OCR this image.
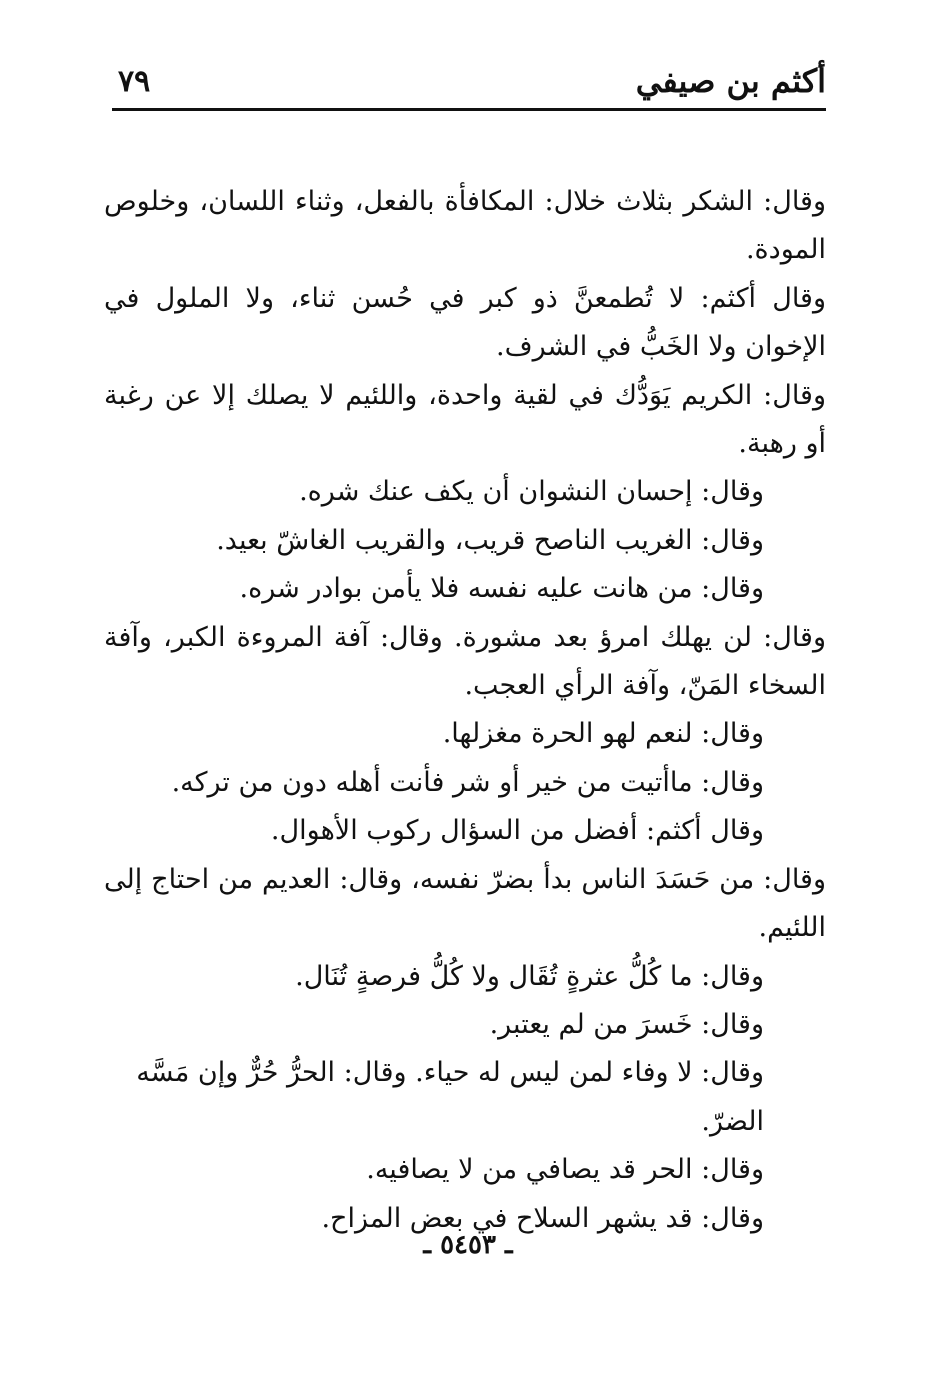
أكثم بن صيفي
٧٩

وقال: الشكر بثلاث خلال: المكافأة بالفعل، وثناء اللسان، وخلوص المودة.

وقال أكثم: لا تُطمعنَّ ذو كبر في حُسن ثناء، ولا الملول في الإخوان ولا الخَبُّ في الشرف.

وقال: الكريم يَوَدُّك في لقية واحدة، واللئيم لا يصلك إلا عن رغبة أو رهبة.

وقال: إحسان النشوان أن يكف عنك شره.

وقال: الغريب الناصح قريب، والقريب الغاشّ بعيد.

وقال: من هانت عليه نفسه فلا يأمن بوادر شره.

وقال: لن يهلك امرؤ بعد مشورة. وقال: آفة المروءة الكبر، وآفة السخاء المَنّ، وآفة الرأي العجب.

وقال: لنعم لهو الحرة مغزلها.

وقال: ماأتيت من خير أو شر فأنت أهله دون من تركه.

وقال أكثم: أفضل من السؤال ركوب الأهوال.

وقال: من حَسَدَ الناس بدأ بضرّ نفسه، وقال: العديم من احتاج إلى اللئيم.

وقال: ما كُلُّ عثرةٍ تُقَال ولا كُلُّ فرصةٍ تُنَال.

وقال: خَسرَ من لم يعتبر.

وقال: لا وفاء لمن ليس له حياء. وقال: الحرُّ حُرٌّ وإن مَسَّه الضرّ.

وقال: الحر قد يصافي من لا يصافيه.

وقال: قد يشهر السلاح في بعض المزاح.

ـ ٥٤٥٣ ـ
